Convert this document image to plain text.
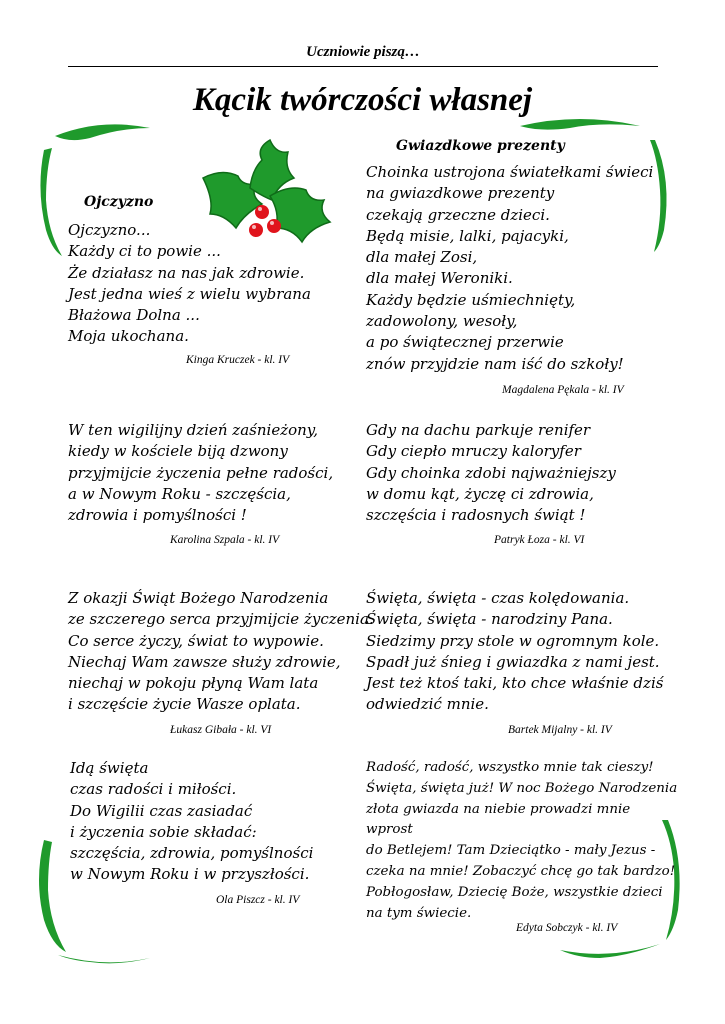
Uczniowie piszą…
Kącik twórczości własnej
Ojczyzno
Ojczyzno...
Każdy ci to powie ...
Że działasz na nas jak zdrowie.
Jest jedna wieś z wielu wybrana
Błażowa Dolna ...
Moja ukochana.
Kinga Kruczek - kl. IV
Gwiazdkowe prezenty
Choinka ustrojona światełkami świeci
na gwiazdkowe prezenty
czekają grzeczne dzieci.
Będą misie, lalki, pajacyki,
dla małej Zosi,
dla małej Weroniki.
Każdy będzie uśmiechnięty,
zadowolony, wesoły,
a po świątecznej przerwie
znów przyjdzie nam iść do szkoły!
Magdalena Pękala - kl. IV
W ten wigilijny dzień zaśnieżony,
kiedy w kościele biją dzwony
przyjmijcie życzenia pełne radości,
a w Nowym Roku - szczęścia,
zdrowia i pomyślności !
Karolina Szpala - kl. IV
Gdy na dachu parkuje renifer
Gdy ciepło mruczy kaloryfer
Gdy choinka zdobi najważniejszy
w domu kąt, życzę ci zdrowia,
szczęścia i radosnych świąt !
Patryk Łoza - kl. VI
Z okazji Świąt Bożego Narodzenia
ze szczerego serca przyjmijcie życzenia.
Co serce życzy, świat to wypowie.
Niechaj Wam zawsze służy zdrowie,
niechaj w pokoju płyną Wam lata
i szczęście życie Wasze oplata.
Łukasz Gibała - kl. VI
Święta, święta - czas kolędowania.
Święta, święta - narodziny Pana.
Siedzimy przy stole w ogromnym kole.
Spadł już śnieg i gwiazdka z nami jest.
Jest też ktoś taki, kto chce właśnie dziś
odwiedzić mnie.
Bartek Mijalny - kl. IV
Idą święta
czas radości i miłości.
Do Wigilii czas zasiadać
i życzenia sobie składać:
szczęścia, zdrowia, pomyślności
w Nowym Roku i w przyszłości.
Ola Piszcz - kl. IV
Radość, radość, wszystko mnie tak cieszy!
Święta, święta już! W noc Bożego Narodzenia
złota gwiazda na niebie prowadzi mnie
wprost
do Betlejem! Tam Dzieciątko - mały Jezus -
czeka na mnie! Zobaczyć chcę go tak bardzo!
Pobłogosław, Dziecię Boże, wszystkie dzieci
na tym świecie.
Edyta Sobczyk - kl. IV
